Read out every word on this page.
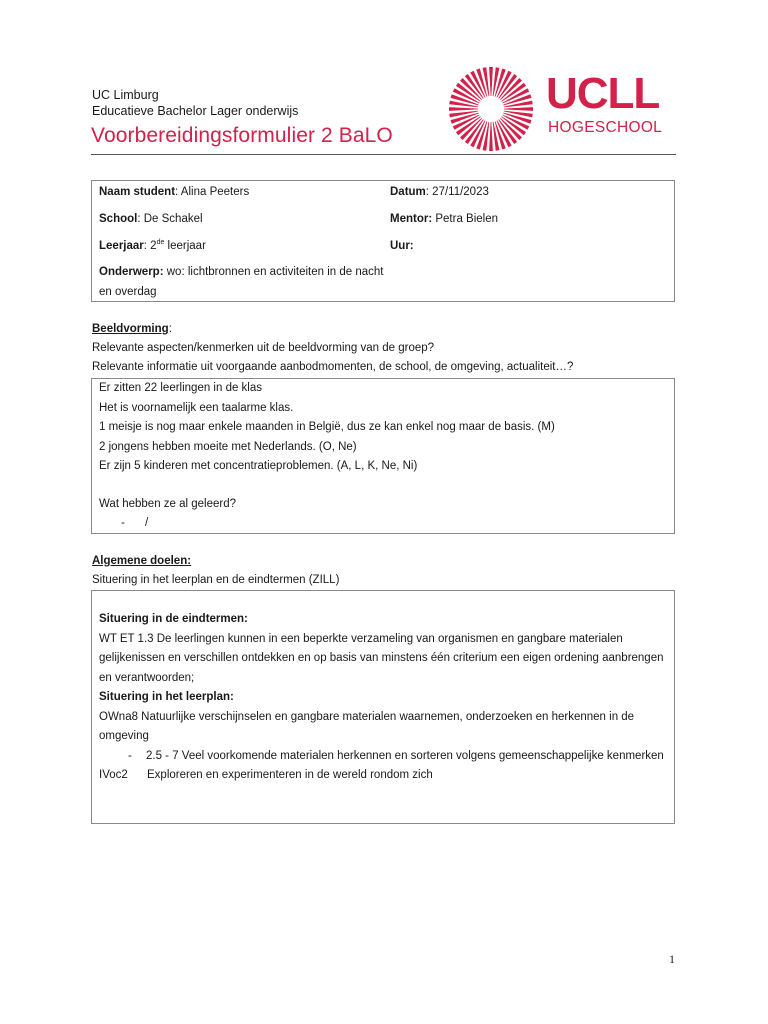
UC Limburg
Educatieve Bachelor Lager onderwijs
Voorbereidingsformulier 2 BaLO
UCLL
HOGESCHOOL
Naam student: Alina Peeters	Datum: 27/11/2023
School: De Schakel	Mentor: Petra Bielen
Leerjaar: 2de leerjaar	Uur:
Onderwerp: wo: lichtbronnen en activiteiten in de nacht en overdag
Beeldvorming:
Relevante aspecten/kenmerken uit de beeldvorming van de groep?
Relevante informatie uit voorgaande aanbodmomenten, de school, de omgeving, actualiteit…?
Er zitten 22 leerlingen in de klas
Het is voornamelijk een taalarme klas.
1 meisje is nog maar enkele maanden in België, dus ze kan enkel nog maar de basis. (M)
2 jongens hebben moeite met Nederlands. (O, Ne)
Er zijn 5 kinderen met concentratieproblemen. (A, L, K, Ne, Ni)
Wat hebben ze al geleerd?
- /
Algemene doelen:
Situering in het leerplan en de eindtermen (ZILL)
Situering in de eindtermen:
WT ET 1.3 De leerlingen kunnen in een beperkte verzameling van organismen en gangbare materialen gelijkenissen en verschillen ontdekken en op basis van minstens één criterium een eigen ordening aanbrengen en verantwoorden;
Situering in het leerplan:
OWna8 Natuurlijke verschijnselen en gangbare materialen waarnemen, onderzoeken en herkennen in de omgeving
- 2.5 - 7 Veel voorkomende materialen herkennen en sorteren volgens gemeenschappelijke kenmerken
IVoc2 Exploreren en experimenteren in de wereld rondom zich
1
